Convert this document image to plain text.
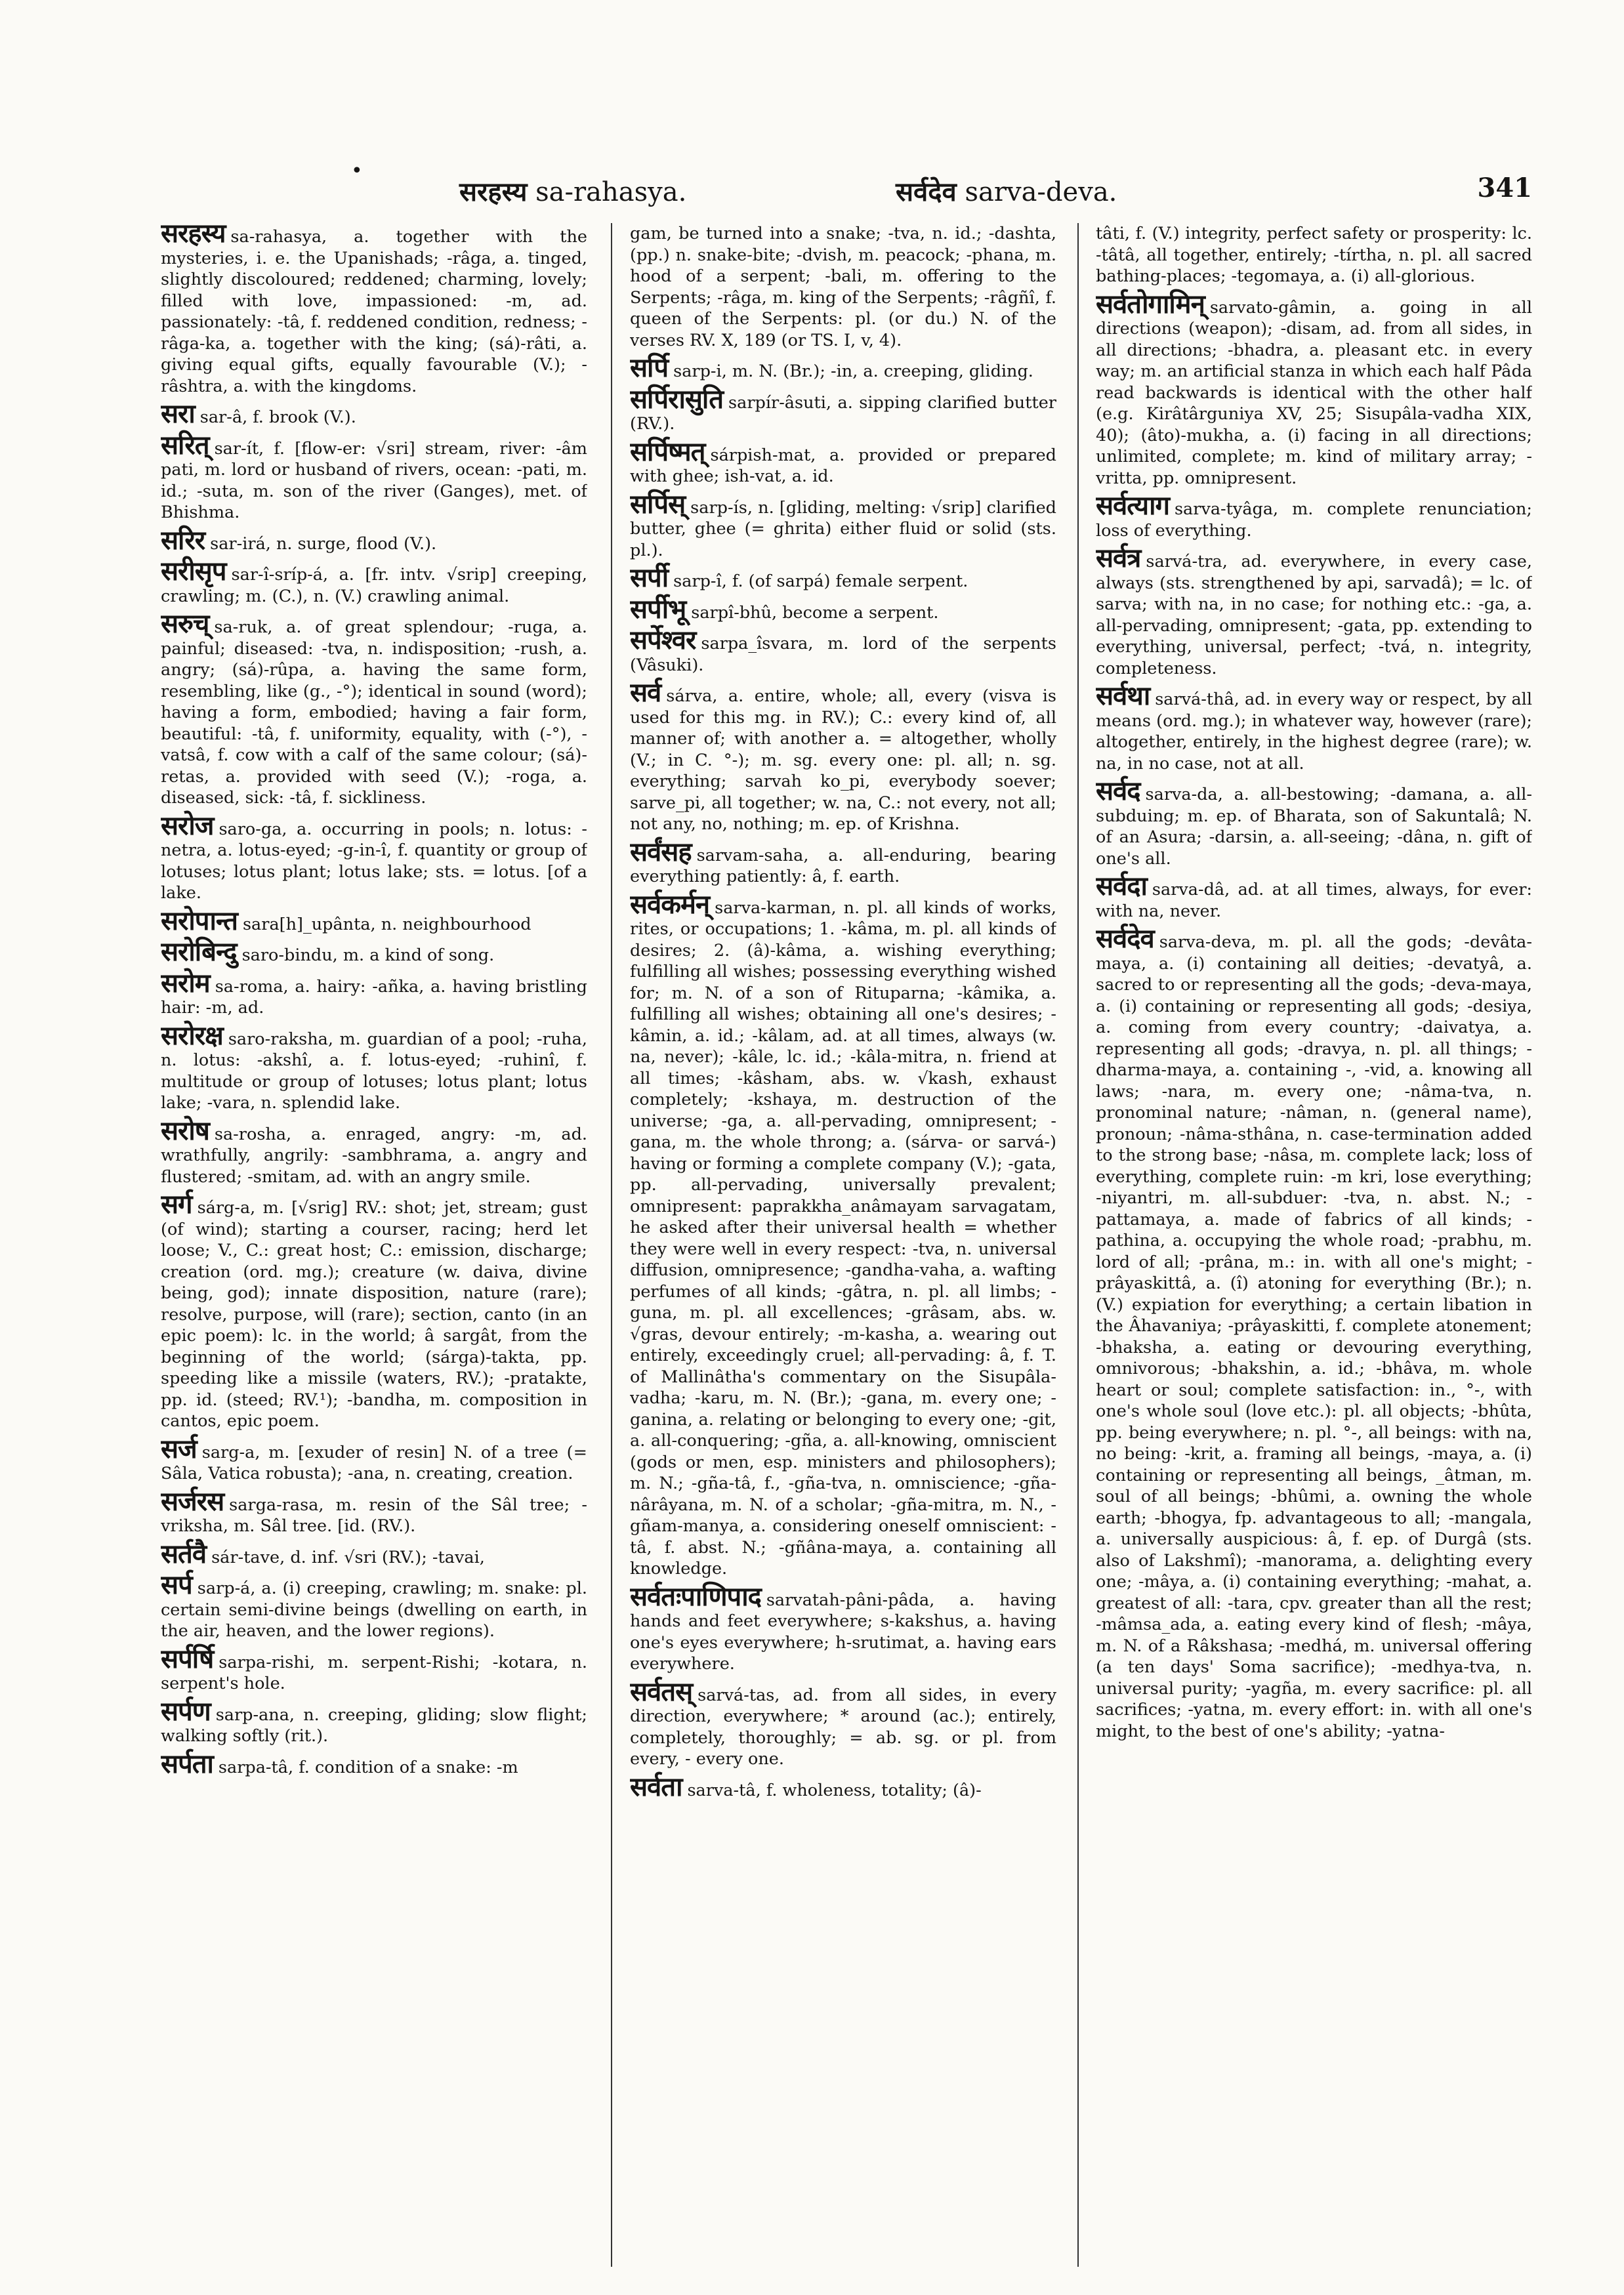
•
सरहस्य sa-rahasya.	सर्वदेव sarva-deva.	341

सरहस्य sa-rahasya, a. together with the mysteries, i. e. the Upanishads; -râga, a. tinged, slightly discoloured; reddened; charming, lovely; filled with love, impassioned: -m, ad. passionately: -tâ, f. reddened condition, redness; -râga-ka, a. together with the king; (sá)-râti, a. giving equal gifts, equally favourable (V.); -râshtra, a. with the kingdoms.

सरा sar-â, f. brook (V.).

सरित् sar-ít, f. [flow-er: √sri] stream, river: -âm pati, m. lord or husband of rivers, ocean: -pati, m. id.; -suta, m. son of the river (Ganges), met. of Bhishma.

सरिर sar-irá, n. surge, flood (V.).

सरीसृप sar-î-sríp-á, a. [fr. intv. √srip] creeping, crawling; m. (C.), n. (V.) crawling animal.

सरुच् sa-ruk, a. of great splendour; -ruga, a. painful; diseased: -tva, n. indisposition; -rush, a. angry; (sá)-rûpa, a. having the same form, resembling, like (g., -°); identical in sound (word); having a form, embodied; having a fair form, beautiful: -tâ, f. uniformity, equality, with (-°), -vatsâ, f. cow with a calf of the same colour; (sá)-retas, a. provided with seed (V.); -roga, a. diseased, sick: -tâ, f. sickliness.

सरोज saro-ga, a. occurring in pools; n. lotus: -netra, a. lotus-eyed; -g-in-î, f. quantity or group of lotuses; lotus plant; lotus lake; sts. = lotus. [of a lake.

सरोपान्त sara[h]_upânta, n. neighbourhood

सरोबिन्दु saro-bindu, m. a kind of song.

सरोम sa-roma, a. hairy: -añka, a. having bristling hair: -m, ad.

सरोरक्ष saro-raksha, m. guardian of a pool; -ruha, n. lotus: -akshî, a. f. lotus-eyed; -ruhinî, f. multitude or group of lotuses; lotus plant; lotus lake; -vara, n. splendid lake.

सरोष sa-rosha, a. enraged, angry: -m, ad. wrathfully, angrily: -sambhrama, a. angry and flustered; -smitam, ad. with an angry smile.

सर्ग sárg-a, m. [√srig] RV.: shot; jet, stream; gust (of wind); starting a courser, racing; herd let loose; V., C.: great host; C.: emission, discharge; creation (ord. mg.); creature (w. daiva, divine being, god); innate disposition, nature (rare); resolve, purpose, will (rare); section, canto (in an epic poem): lc. in the world; â sargât, from the beginning of the world; (sárga)-takta, pp. speeding like a missile (waters, RV.); -pratakte, pp. id. (steed; RV.¹); -bandha, m. composition in cantos, epic poem.

सर्ज sarg-a, m. [exuder of resin] N. of a tree (= Sâla, Vatica robusta); -ana, n. creating, creation.

सर्जरस sarga-rasa, m. resin of the Sâl tree; -vriksha, m. Sâl tree. [id. (RV.).

सर्तवै sár-tave, d. inf. √sri (RV.); -tavai,

सर्प sarp-á, a. (i) creeping, crawling; m. snake: pl. certain semi-divine beings (dwelling on earth, in the air, heaven, and the lower regions).

सर्पर्षि sarpa-rishi, m. serpent-Rishi; -kotara, n. serpent's hole.

सर्पण sarp-ana, n. creeping, gliding; slow flight; walking softly (rit.).

सर्पता sarpa-tâ, f. condition of a snake: -m

gam, be turned into a snake; -tva, n. id.; -dashta, (pp.) n. snake-bite; -dvish, m. peacock; -phana, m. hood of a serpent; -bali, m. offering to the Serpents; -râga, m. king of the Serpents; -râgñî, f. queen of the Serpents: pl. (or du.) N. of the verses RV. X, 189 (or TS. I, v, 4).

सर्पि sarp-i, m. N. (Br.); -in, a. creeping, gliding.

सर्पिरासुति sarpír-âsuti, a. sipping clarified butter (RV.).

सर्पिष्मत् sárpish-mat, a. provided or prepared with ghee; ish-vat, a. id.

सर्पिस् sarp-ís, n. [gliding, melting: √srip] clarified butter, ghee (= ghrita) either fluid or solid (sts. pl.).

सर्पी sarp-î, f. (of sarpá) female serpent.

सर्पीभू sarpî-bhû, become a serpent.

सर्पेश्वर sarpa_îsvara, m. lord of the serpents (Vâsuki).

सर्व sárva, a. entire, whole; all, every (visva is used for this mg. in RV.); C.: every kind of, all manner of; with another a. = altogether, wholly (V.; in C. °-); m. sg. every one: pl. all; n. sg. everything; sarvah ko_pi, everybody soever; sarve_pi, all together; w. na, C.: not every, not all; not any, no, nothing; m. ep. of Krishna.

सर्वंसह sarvam-saha, a. all-enduring, bearing everything patiently: â, f. earth.

सर्वकर्मन् sarva-karman, n. pl. all kinds of works, rites, or occupations; 1. -kâma, m. pl. all kinds of desires; 2. (â)-kâma, a. wishing everything; fulfilling all wishes; possessing everything wished for; m. N. of a son of Rituparna; -kâmika, a. fulfilling all wishes; obtaining all one's desires; -kâmin, a. id.; -kâlam, ad. at all times, always (w. na, never); -kâle, lc. id.; -kâla-mitra, n. friend at all times; -kâsham, abs. w. √kash, exhaust completely; -kshaya, m. destruction of the universe; -ga, a. all-pervading, omnipresent; -gana, m. the whole throng; a. (sárva- or sarvá-) having or forming a complete company (V.); -gata, pp. all-pervading, universally prevalent; omnipresent: paprakkha_anâmayam sarvagatam, he asked after their universal health = whether they were well in every respect: -tva, n. universal diffusion, omnipresence; -gandha-vaha, a. wafting perfumes of all kinds; -gâtra, n. pl. all limbs; -guna, m. pl. all excellences; -grâsam, abs. w. √gras, devour entirely; -m-kasha, a. wearing out entirely, exceedingly cruel; all-pervading: â, f. T. of Mallinâtha's commentary on the Sisupâla-vadha; -karu, m. N. (Br.); -gana, m. every one; -ganina, a. relating or belonging to every one; -git, a. all-conquering; -gña, a. all-knowing, omniscient (gods or men, esp. ministers and philosophers); m. N.; -gña-tâ, f., -gña-tva, n. omniscience; -gña-nârâyana, m. N. of a scholar; -gña-mitra, m. N., -gñam-manya, a. considering oneself omniscient: -tâ, f. abst. N.; -gñâna-maya, a. containing all knowledge.

सर्वतःपाणिपाद sarvatah-pâni-pâda, a. having hands and feet everywhere; s-kakshus, a. having one's eyes everywhere; h-srutimat, a. having ears everywhere.

सर्वतस् sarvá-tas, ad. from all sides, in every direction, everywhere; * around (ac.); entirely, completely, thoroughly; = ab. sg. or pl. from every, - every one.

सर्वता sarva-tâ, f. wholeness, totality; (â)-

tâti, f. (V.) integrity, perfect safety or prosperity: lc. -tâtâ, all together, entirely; -tírtha, n. pl. all sacred bathing-places; -tegomaya, a. (i) all-glorious.

सर्वतोगामिन् sarvato-gâmin, a. going in all directions (weapon); -disam, ad. from all sides, in all directions; -bhadra, a. pleasant etc. in every way; m. an artificial stanza in which each half Pâda read backwards is identical with the other half (e.g. Kirâtârguniya XV, 25; Sisupâla-vadha XIX, 40); (âto)-mukha, a. (i) facing in all directions; unlimited, complete; m. kind of military array; -vritta, pp. omnipresent.

सर्वत्याग sarva-tyâga, m. complete renunciation; loss of everything.

सर्वत्र sarvá-tra, ad. everywhere, in every case, always (sts. strengthened by api, sarvadâ); = lc. of sarva; with na, in no case; for nothing etc.: -ga, a. all-pervading, omnipresent; -gata, pp. extending to everything, universal, perfect; -tvá, n. integrity, completeness.

सर्वथा sarvá-thâ, ad. in every way or respect, by all means (ord. mg.); in whatever way, however (rare); altogether, entirely, in the highest degree (rare); w. na, in no case, not at all.

सर्वद sarva-da, a. all-bestowing; -damana, a. all-subduing; m. ep. of Bharata, son of Sakuntalâ; N. of an Asura; -darsin, a. all-seeing; -dâna, n. gift of one's all.

सर्वदा sarva-dâ, ad. at all times, always, for ever: with na, never.

सर्वदेव sarva-deva, m. pl. all the gods; -devâta-maya, a. (i) containing all deities; -devatyâ, a. sacred to or representing all the gods; -deva-maya, a. (i) containing or representing all gods; -desiya, a. coming from every country; -daivatya, a. representing all gods; -dravya, n. pl. all things; -dharma-maya, a. containing -, -vid, a. knowing all laws; -nara, m. every one; -nâma-tva, n. pronominal nature; -nâman, n. (general name), pronoun; -nâma-sthâna, n. case-termination added to the strong base; -nâsa, m. complete lack; loss of everything, complete ruin: -m kri, lose everything; -niyantri, m. all-subduer: -tva, n. abst. N.; -pattamaya, a. made of fabrics of all kinds; -pathina, a. occupying the whole road; -prabhu, m. lord of all; -prâna, m.: in. with all one's might; -prâyaskittâ, a. (î) atoning for everything (Br.); n. (V.) expiation for everything; a certain libation in the Âhavaniya; -prâyaskitti, f. complete atonement; -bhaksha, a. eating or devouring everything, omnivorous; -bhakshin, a. id.; -bhâva, m. whole heart or soul; complete satisfaction: in., °-, with one's whole soul (love etc.): pl. all objects; -bhûta, pp. being everywhere; n. pl. °-, all beings: with na, no being: -krit, a. framing all beings, -maya, a. (i) containing or representing all beings, _âtman, m. soul of all beings; -bhûmi, a. owning the whole earth; -bhogya, fp. advantageous to all; -mangala, a. universally auspicious: â, f. ep. of Durgâ (sts. also of Lakshmî); -manorama, a. delighting every one; -mâya, a. (i) containing everything; -mahat, a. greatest of all: -tara, cpv. greater than all the rest; -mâmsa_ada, a. eating every kind of flesh; -mâya, m. N. of a Râkshasa; -medhá, m. universal offering (a ten days' Soma sacrifice); -medhya-tva, n. universal purity; -yagña, m. every sacrifice: pl. all sacrifices; -yatna, m. every effort: in. with all one's might, to the best of one's ability; -yatna-
